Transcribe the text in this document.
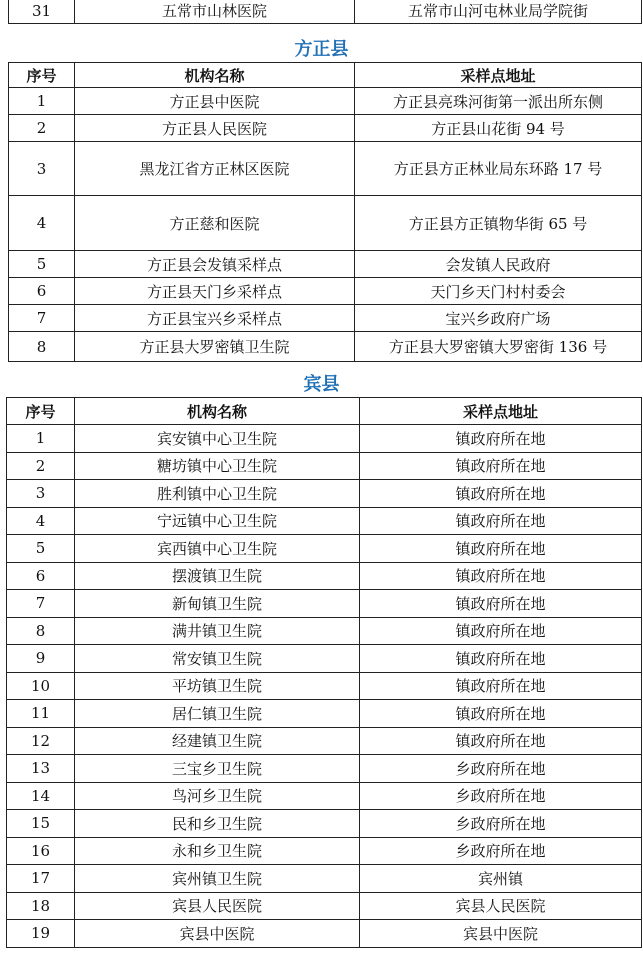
31	五常市山林医院	五常市山河屯林业局学院街
方正县
序号	机构名称	采样点地址
1	方正县中医院	方正县亮珠河街第一派出所东侧
2	方正县人民医院	方正县山花街 94 号
3	黑龙江省方正林区医院	方正县方正林业局东环路 17 号
4	方正慈和医院	方正县方正镇物华街 65 号
5	方正县会发镇采样点	会发镇人民政府
6	方正县天门乡采样点	天门乡天门村村委会
7	方正县宝兴乡采样点	宝兴乡政府广场
8	方正县大罗密镇卫生院	方正县大罗密镇大罗密街 136 号
宾县
序号	机构名称	采样点地址
1	宾安镇中心卫生院	镇政府所在地
2	糖坊镇中心卫生院	镇政府所在地
3	胜利镇中心卫生院	镇政府所在地
4	宁远镇中心卫生院	镇政府所在地
5	宾西镇中心卫生院	镇政府所在地
6	摆渡镇卫生院	镇政府所在地
7	新甸镇卫生院	镇政府所在地
8	满井镇卫生院	镇政府所在地
9	常安镇卫生院	镇政府所在地
10	平坊镇卫生院	镇政府所在地
11	居仁镇卫生院	镇政府所在地
12	经建镇卫生院	镇政府所在地
13	三宝乡卫生院	乡政府所在地
14	鸟河乡卫生院	乡政府所在地
15	民和乡卫生院	乡政府所在地
16	永和乡卫生院	乡政府所在地
17	宾州镇卫生院	宾州镇
18	宾县人民医院	宾县人民医院
19	宾县中医院	宾县中医院
